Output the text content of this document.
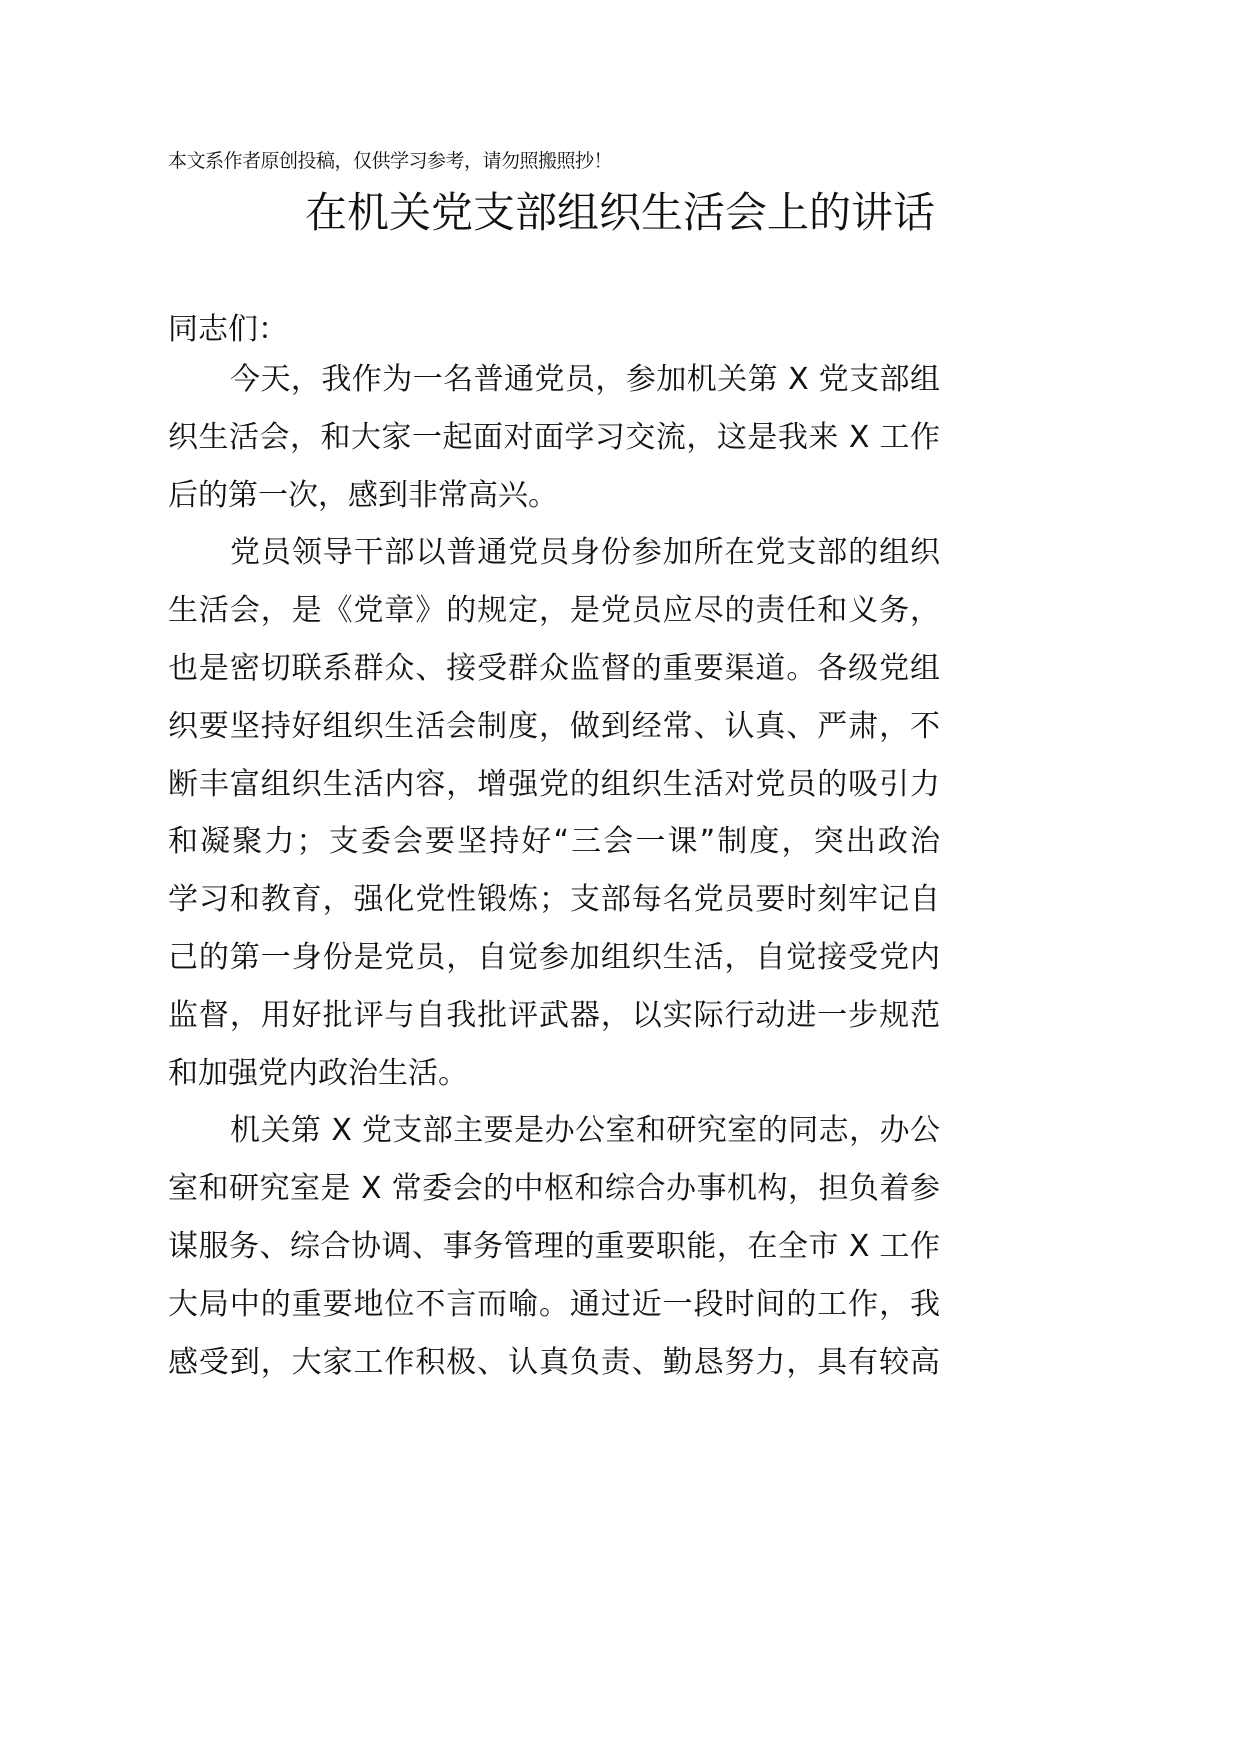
本文系作者原创投稿，仅供学习参考，请勿照搬照抄！
在机关党支部组织生活会上的讲话
同志们：
今天，我作为一名普通党员，参加机关第 X 党支部组
织生活会，和大家一起面对面学习交流，这是我来 X 工作
后的第一次，感到非常高兴。
党员领导干部以普通党员身份参加所在党支部的组织
生活会，是《党章》的规定，是党员应尽的责任和义务，
也是密切联系群众、接受群众监督的重要渠道。各级党组
织要坚持好组织生活会制度，做到经常、认真、严肃，不
断丰富组织生活内容，增强党的组织生活对党员的吸引力
和凝聚力；支委会要坚持好“三会一课”制度，突出政治
学习和教育，强化党性锻炼；支部每名党员要时刻牢记自
己的第一身份是党员，自觉参加组织生活，自觉接受党内
监督，用好批评与自我批评武器，以实际行动进一步规范
和加强党内政治生活。
机关第 X 党支部主要是办公室和研究室的同志，办公
室和研究室是 X 常委会的中枢和综合办事机构，担负着参
谋服务、综合协调、事务管理的重要职能，在全市 X 工作
大局中的重要地位不言而喻。通过近一段时间的工作，我
感受到，大家工作积极、认真负责、勤恳努力，具有较高
